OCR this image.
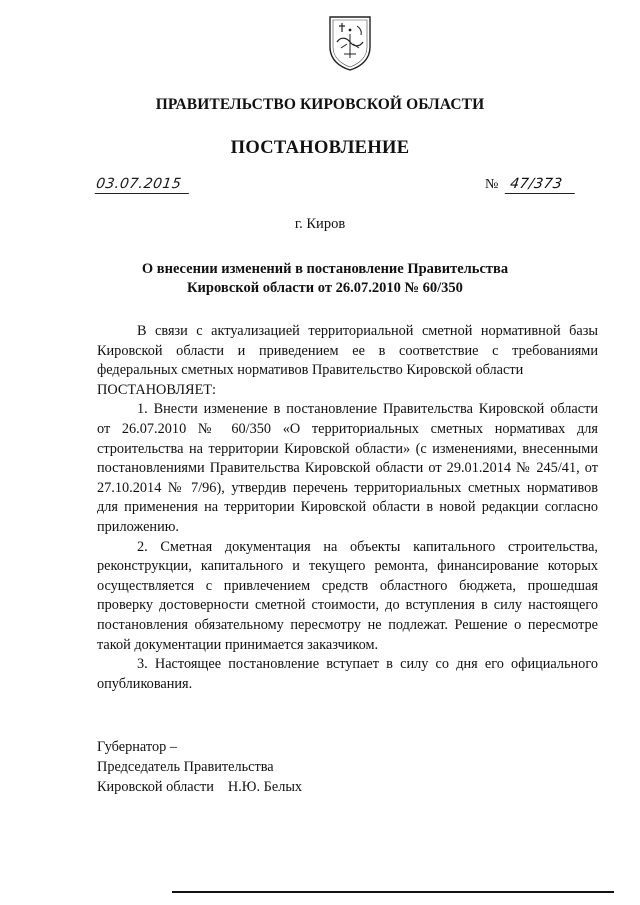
ПРАВИТЕЛЬСТВО КИРОВСКОЙ ОБЛАСТИ
ПОСТАНОВЛЕНИЕ
03.07.2015	№ 47/373
г. Киров
О внесении изменений в постановление Правительства
Кировской области от 26.07.2010 № 60/350

В связи с актуализацией территориальной сметной нормативной базы Кировской области и приведением ее в соответствие с требованиями федеральных сметных нормативов Правительство Кировской области

ПОСТАНОВЛЯЕТ:

1. Внести изменение в постановление Правительства Кировской области от 26.07.2010 № 60/350 «О территориальных сметных нормативах для строительства на территории Кировской области» (с изменениями, внесенными постановлениями Правительства Кировской области от 29.01.2014 № 245/41, от 27.10.2014 № 7/96), утвердив перечень территориальных сметных нормативов для применения на территории Кировской области в новой редакции согласно приложению.

2. Сметная документация на объекты капитального строительства, реконструкции, капитального и текущего ремонта, финансирование которых осуществляется с привлечением средств областного бюджета, прошедшая проверку достоверности сметной стоимости, до вступления в силу настоящего постановления обязательному пересмотру не подлежат. Решение о пересмотре такой документации принимается заказчиком.

3. Настоящее постановление вступает в силу со дня его официального опубликования.

Губернатор –
Председатель Правительства
Кировской области Н.Ю. Белых
